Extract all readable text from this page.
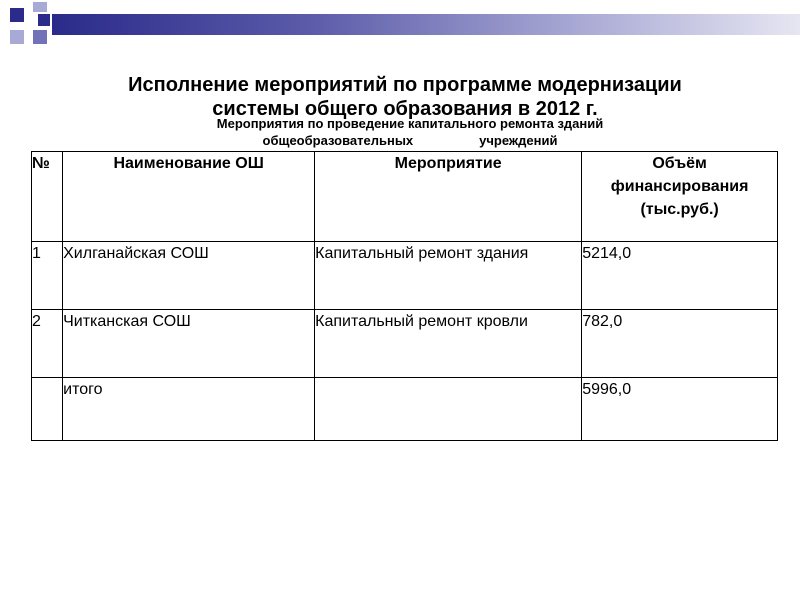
Исполнение мероприятий по программе модернизации
системы общего образования в 2012 г.
Мероприятия по проведение капитального ремонта зданий
общеобразовательных	учреждений
№	Наименование ОШ	Мероприятие	Объём финансирования (тыс.руб.)
1	Хилганайская СОШ	Капитальный ремонт здания	5214,0
2	Читканская СОШ	Капитальный ремонт кровли	782,0
	итого		5996,0
